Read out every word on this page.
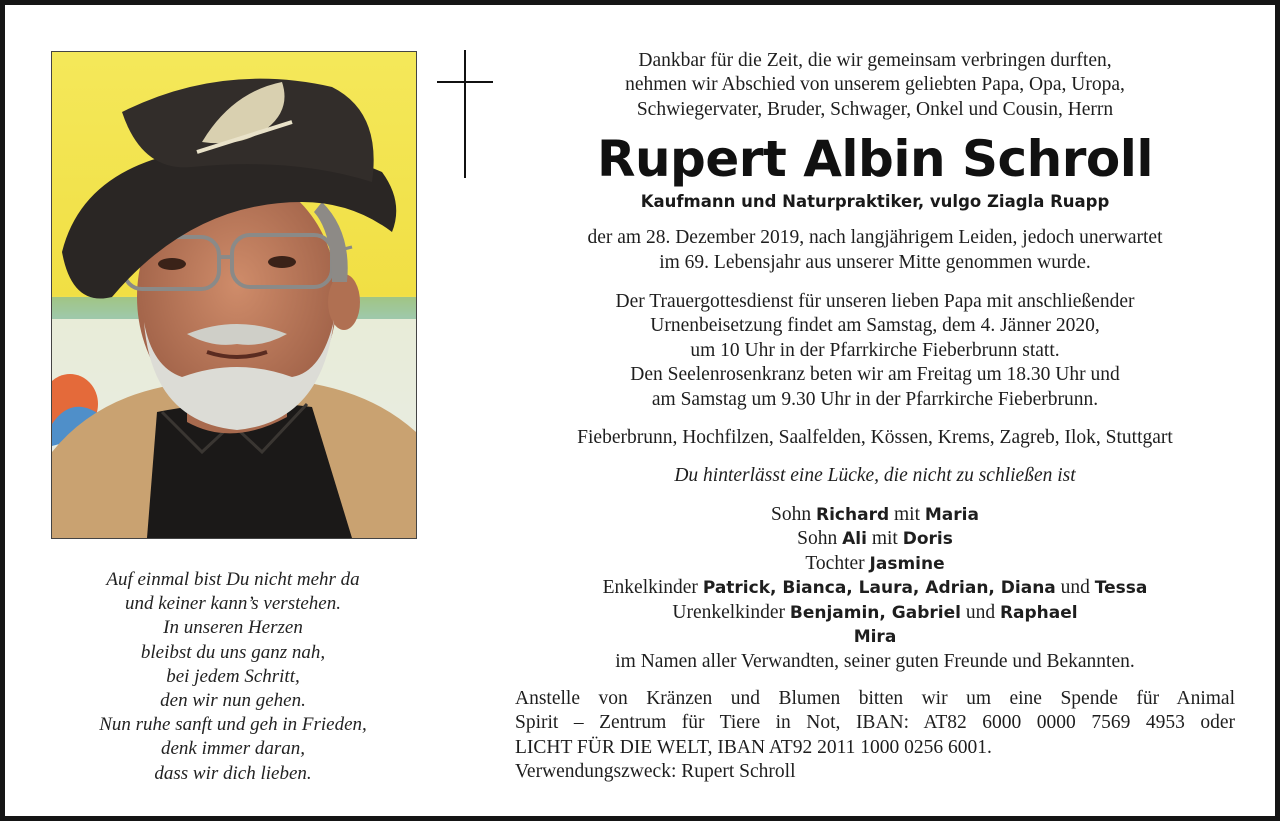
Auf einmal bist Du nicht mehr da
und keiner kann’s verstehen.
In unseren Herzen
bleibst du uns ganz nah,
bei jedem Schritt,
den wir nun gehen.
Nun ruhe sanft und geh in Frieden,
denk immer daran,
dass wir dich lieben.
Dankbar für die Zeit, die wir gemeinsam verbringen durften,
nehmen wir Abschied von unserem geliebten Papa, Opa, Uropa,
Schwiegervater, Bruder, Schwager, Onkel und Cousin, Herrn
Rupert Albin Schroll
Kaufmann und Naturpraktiker, vulgo Ziagla Ruapp
der am 28. Dezember 2019, nach langjährigem Leiden, jedoch unerwartet
im 69. Lebensjahr aus unserer Mitte genommen wurde.
Der Trauergottesdienst für unseren lieben Papa mit anschließender
Urnenbeisetzung findet am Samstag, dem 4. Jänner 2020,
um 10 Uhr in der Pfarrkirche Fieberbrunn statt.
Den Seelenrosenkranz beten wir am Freitag um 18.30 Uhr und
am Samstag um 9.30 Uhr in der Pfarrkirche Fieberbrunn.
Fieberbrunn, Hochfilzen, Saalfelden, Kössen, Krems, Zagreb, Ilok, Stuttgart
Du hinterlässt eine Lücke, die nicht zu schließen ist
Sohn Richard mit Maria
Sohn Ali mit Doris
Tochter Jasmine
Enkelkinder Patrick, Bianca, Laura, Adrian, Diana und Tessa
Urenkelkinder Benjamin, Gabriel und Raphael
Mira
im Namen aller Verwandten, seiner guten Freunde und Bekannten.
Anstelle von Kränzen und Blumen bitten wir um eine Spende für Animal
Spirit – Zentrum für Tiere in Not, IBAN: AT82 6000 0000 7569 4953 oder
LICHT FÜR DIE WELT, IBAN AT92 2011 1000 0256 6001.
Verwendungszweck: Rupert Schroll
